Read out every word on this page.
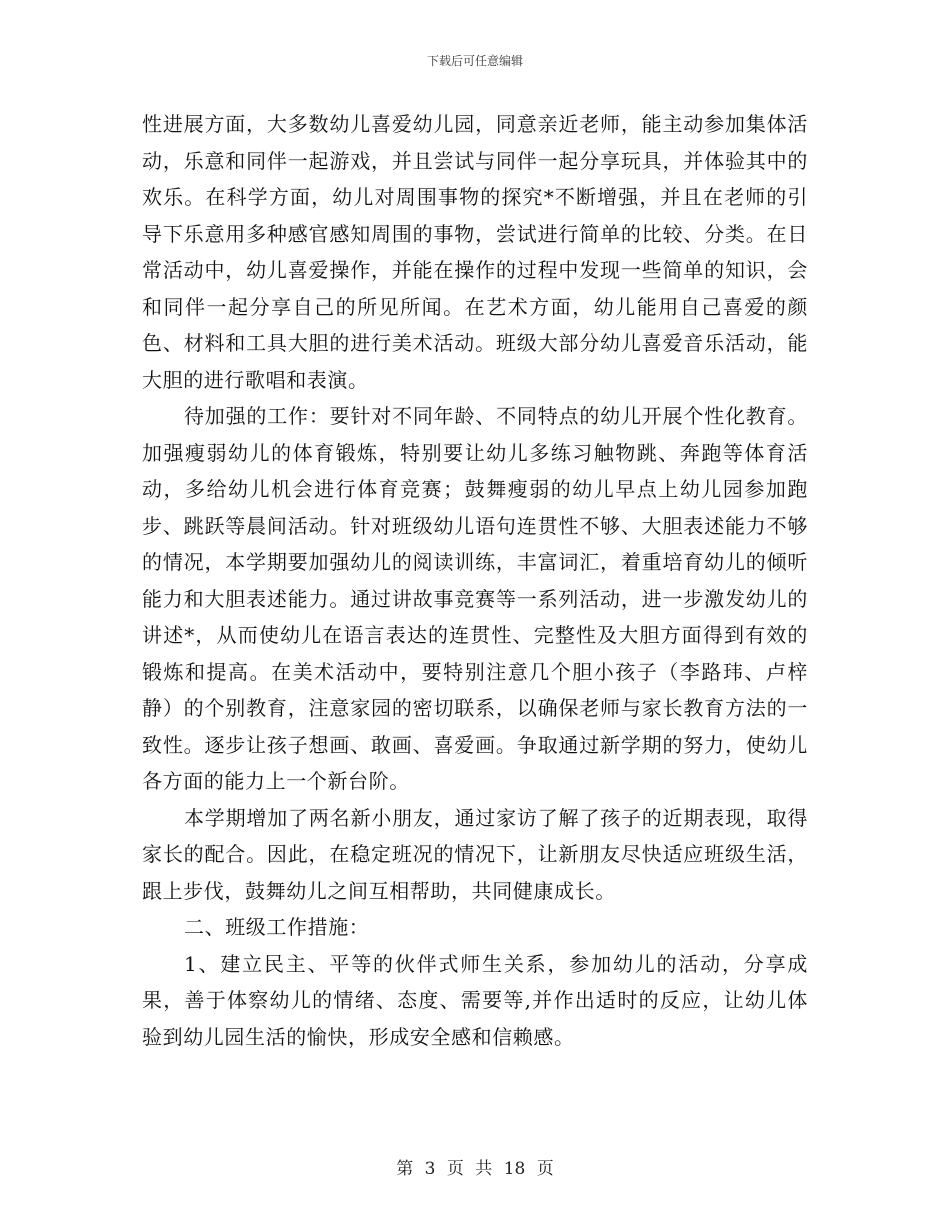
下载后可任意编辑

性进展方面，大多数幼儿喜爱幼儿园，同意亲近老师，能主动参加集体活动，乐意和同伴一起游戏，并且尝试与同伴一起分享玩具，并体验其中的欢乐。在科学方面，幼儿对周围事物的探究*不断增强，并且在老师的引导下乐意用多种感官感知周围的事物，尝试进行简单的比较、分类。在日常活动中，幼儿喜爱操作，并能在操作的过程中发现一些简单的知识，会和同伴一起分享自己的所见所闻。在艺术方面，幼儿能用自己喜爱的颜色、材料和工具大胆的进行美术活动。班级大部分幼儿喜爱音乐活动，能大胆的进行歌唱和表演。

待加强的工作：要针对不同年龄、不同特点的幼儿开展个性化教育。加强瘦弱幼儿的体育锻炼，特别要让幼儿多练习触物跳、奔跑等体育活动，多给幼儿机会进行体育竞赛；鼓舞瘦弱的幼儿早点上幼儿园参加跑步、跳跃等晨间活动。针对班级幼儿语句连贯性不够、大胆表述能力不够的情况，本学期要加强幼儿的阅读训练，丰富词汇，着重培育幼儿的倾听能力和大胆表述能力。通过讲故事竞赛等一系列活动，进一步激发幼儿的讲述*，从而使幼儿在语言表达的连贯性、完整性及大胆方面得到有效的锻炼和提高。在美术活动中，要特别注意几个胆小孩子（李路玮、卢梓静）的个别教育，注意家园的密切联系，以确保老师与家长教育方法的一致性。逐步让孩子想画、敢画、喜爱画。争取通过新学期的努力，使幼儿各方面的能力上一个新台阶。

本学期增加了两名新小朋友，通过家访了解了孩子的近期表现，取得家长的配合。因此，在稳定班况的情况下，让新朋友尽快适应班级生活，跟上步伐，鼓舞幼儿之间互相帮助，共同健康成长。

二、班级工作措施：

1、建立民主、平等的伙伴式师生关系，参加幼儿的活动，分享成果，善于体察幼儿的情绪、态度、需要等,并作出适时的反应，让幼儿体验到幼儿园生活的愉快，形成安全感和信赖感。

第 3 页 共 18 页
